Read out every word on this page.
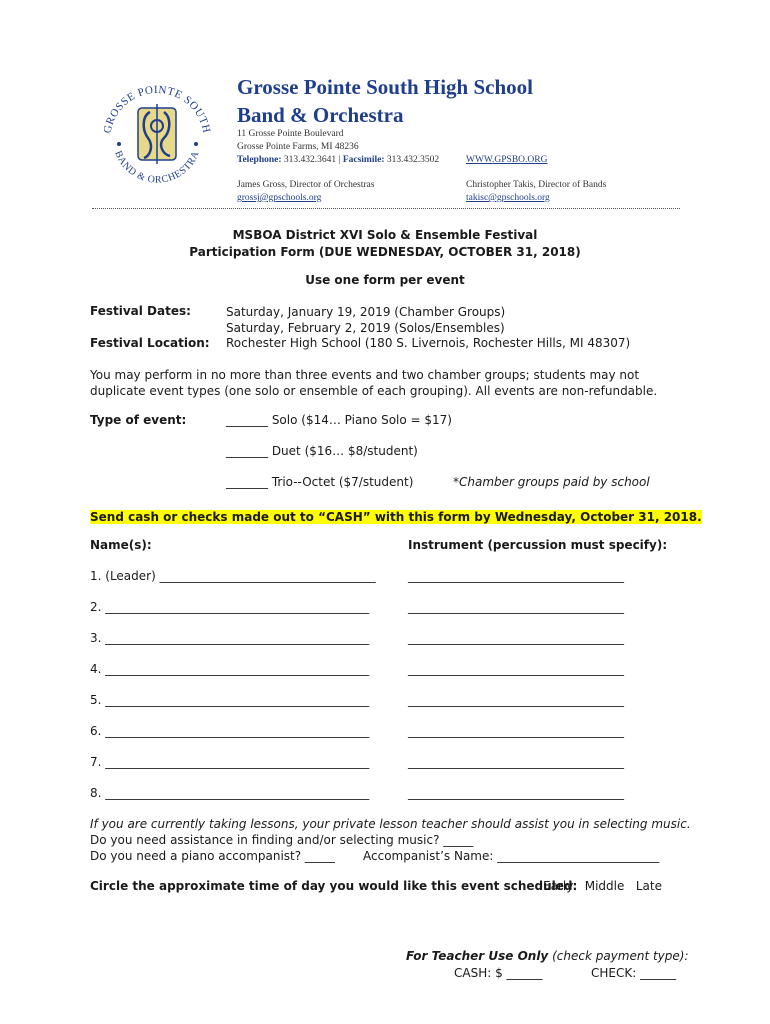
GROSSE POINTE SOUTH
BAND & ORCHESTRA
Grosse Pointe South High School
Band & Orchestra
11 Grosse Pointe Boulevard
Grosse Pointe Farms, MI 48236
Telephone: 313.432.3641 | Facsimile: 313.432.3502	WWW.GPSBO.ORG
James Gross, Director of Orchestras
grossj@gpschools.org
Christopher Takis, Director of Bands
takisc@gpschools.org
MSBOA District XVI Solo & Ensemble Festival
Participation Form (DUE WEDNESDAY, OCTOBER 31, 2018)
Use one form per event
Festival Dates:	Saturday, January 19, 2019 (Chamber Groups)
Saturday, February 2, 2019 (Solos/Ensembles)
Festival Location: Rochester High School (180 S. Livernois, Rochester Hills, MI 48307)
You may perform in no more than three events and two chamber groups; students may not
duplicate event types (one solo or ensemble of each grouping). All events are non-refundable.
Type of event:	_______ Solo ($14… Piano Solo = $17)
_______ Duet ($16… $8/student)
_______ Trio--Octet ($7/student)	*Chamber groups paid by school
Send cash or checks made out to “CASH” with this form by Wednesday, October 31, 2018.
Name(s):	Instrument (percussion must specify):
1. (Leader) ____________________________________	____________________________________
2. ____________________________________________	____________________________________
3. ____________________________________________	____________________________________
4. ____________________________________________	____________________________________
5. ____________________________________________	____________________________________
6. ____________________________________________	____________________________________
7. ____________________________________________	____________________________________
8. ____________________________________________	____________________________________
If you are currently taking lessons, your private lesson teacher should assist you in selecting music.
Do you need assistance in finding and/or selecting music? _____
Do you need a piano accompanist? _____ Accompanist’s Name: ___________________________
Circle the approximate time of day you would like this event scheduled:
Early   Middle   Late
For Teacher Use Only (check payment type):
CASH: $ ______	CHECK: ______
